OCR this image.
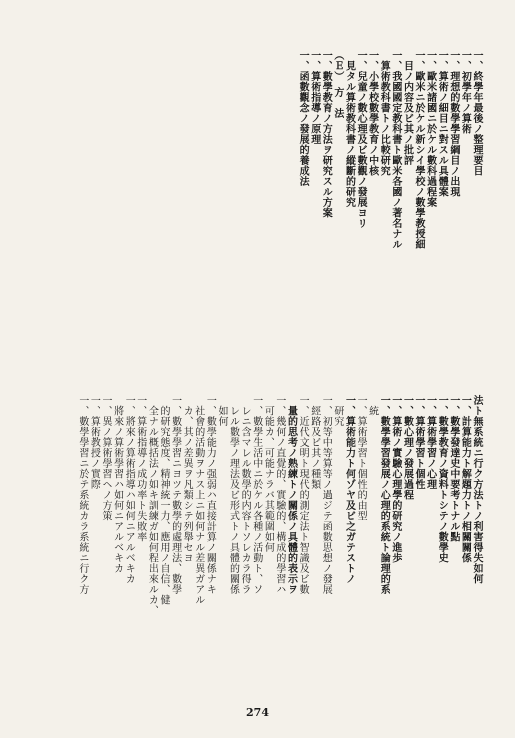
一、終學年最後ノ整理要目
一、初學年ノ算術
一、理想的數學學習綱目ノ出現
一、算術ノ細目ニ對スル具體案
一、歐米諸國ニ於ケル數科過程案
一、歐米ニ於ケル新シイ學校ノ數學教授細
　目ノ内容及ビ其ノ批評
一、我國國定教科書ト歐米各國ノ著名ナル
　算術教科書トノ比較研究
一、小學校數學教育ノ中核
一、兒童ノ數心理及ビ數觀ノ發展ヨリ
　見タル算術教科書ノ縱斷的研究
（Ｅ）　方　法
一、數學教育ノ方法ヲ研究スル方案
一、算術指導ノ原理
一、函數觀念ノ發展的養成法
法ト無系統ニ行ク方法トノ利害得失如何
一、計算能力ト解題力トノ相關關係
一、數學發達史中要考トナル點
一、數學教育ノ資料トシテノ數學史
一、算術學習ノ心理
一、算術學習ト個性
一、數心理ノ發展過程
一、算術ノ實驗心理學的研究ノ進歩
一、數學學習發展ノ心理的系統ト論理的系
　統
一、算術學習ト個性的由型
一、算術能力ト何ゾヤ及ビ之ガテストノ
　研究
一、初等中等算等ノ過ジテ函數思想ノ發展
　經路及ビ其ノ種類
一、近代文明ト現代的測定法ト智識及ビ數
　量的思考ノ熟練トノ關係ノ具體的表示ヲ
一、幾何ノ直覺的、實驗的、構成的學習ハ
　可能カ、可能ナラバ其範圍如何
一、數學生活中ニ於ケル各種ノ活動ト、ソ
　レニ含マレル數學的内容トソレカラ得ラ
　レル數學ノ理法及ビ形式トノ具體的關係
　如何
一、數學能力ノ强弱ハ直接計算ノ關係ナキ
　社會的活動ヲナス上ニ如何ナル差異ガアル
　カ、其ノ差異ヲ凡類シテ列舉セヨ
一、數學學習ニヨツテ數學的處理法、數學
　的研究態度、精神統一力、應用ノ自信、健
　全ナル概括法ノ如キ訓練ガ如何程出來ルカ、
一、算術指導ノ成功率ト失敗率
一、將來ノ算術指導ハ如何ニアルベキカ
　將來ノ算術學習ハ如何ニアルベキカ
一、異ノ算術學習ヘノ方策
一、算術教授ノ實際
一、數學學習ニ於テ系統カラ系統ニ行ク方
274
